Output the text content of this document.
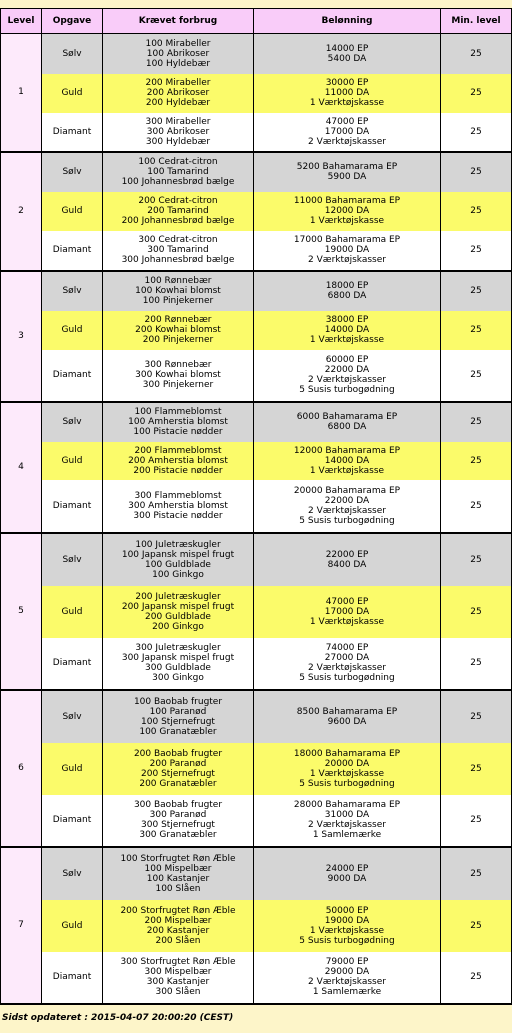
Level	Opgave	Krævet forbrug	Belønning	Min. level
1	Sølv	100 Mirabeller
100 Abrikoser
100 Hyldebær	14000 EP
5400 DA	25
	Guld	200 Mirabeller
200 Abrikoser
200 Hyldebær	30000 EP
11000 DA
1 Værktøjskasse	25
	Diamant	300 Mirabeller
300 Abrikoser
300 Hyldebær	47000 EP
17000 DA
2 Værktøjskasser	25
2	Sølv	100 Cedrat-citron
100 Tamarind
100 Johannesbrød bælge	5200 Bahamarama EP
5900 DA	25
	Guld	200 Cedrat-citron
200 Tamarind
200 Johannesbrød bælge	11000 Bahamarama EP
12000 DA
1 Værktøjskasse	25
	Diamant	300 Cedrat-citron
300 Tamarind
300 Johannesbrød bælge	17000 Bahamarama EP
19000 DA
2 Værktøjskasser	25
3	Sølv	100 Rønnebær
100 Kowhai blomst
100 Pinjekerner	18000 EP
6800 DA	25
	Guld	200 Rønnebær
200 Kowhai blomst
200 Pinjekerner	38000 EP
14000 DA
1 Værktøjskasse	25
	Diamant	300 Rønnebær
300 Kowhai blomst
300 Pinjekerner	60000 EP
22000 DA
2 Værktøjskasser
5 Susis turbogødning	25
4	Sølv	100 Flammeblomst
100 Amherstia blomst
100 Pistacie nødder	6000 Bahamarama EP
6800 DA	25
	Guld	200 Flammeblomst
200 Amherstia blomst
200 Pistacie nødder	12000 Bahamarama EP
14000 DA
1 Værktøjskasse	25
	Diamant	300 Flammeblomst
300 Amherstia blomst
300 Pistacie nødder	20000 Bahamarama EP
22000 DA
2 Værktøjskasser
5 Susis turbogødning	25
5	Sølv	100 Juletræskugler
100 Japansk mispel frugt
100 Guldblade
100 Ginkgo	22000 EP
8400 DA	25
	Guld	200 Juletræskugler
200 Japansk mispel frugt
200 Guldblade
200 Ginkgo	47000 EP
17000 DA
1 Værktøjskasse	25
	Diamant	300 Juletræskugler
300 Japansk mispel frugt
300 Guldblade
300 Ginkgo	74000 EP
27000 DA
2 Værktøjskasser
5 Susis turbogødning	25
6	Sølv	100 Baobab frugter
100 Paranød
100 Stjernefrugt
100 Granatæbler	8500 Bahamarama EP
9600 DA	25
	Guld	200 Baobab frugter
200 Paranød
200 Stjernefrugt
200 Granatæbler	18000 Bahamarama EP
20000 DA
1 Værktøjskasse
5 Susis turbogødning	25
	Diamant	300 Baobab frugter
300 Paranød
300 Stjernefrugt
300 Granatæbler	28000 Bahamarama EP
31000 DA
2 Værktøjskasser
1 Samlemærke	25
7	Sølv	100 Storfrugtet Røn Æble
100 Mispelbær
100 Kastanjer
100 Slåen	24000 EP
9000 DA	25
	Guld	200 Storfrugtet Røn Æble
200 Mispelbær
200 Kastanjer
200 Slåen	50000 EP
19000 DA
1 Værktøjskasse
5 Susis turbogødning	25
	Diamant	300 Storfrugtet Røn Æble
300 Mispelbær
300 Kastanjer
300 Slåen	79000 EP
29000 DA
2 Værktøjskasser
1 Samlemærke	25
Sidst opdateret : 2015-04-07 20:00:20 (CEST)
